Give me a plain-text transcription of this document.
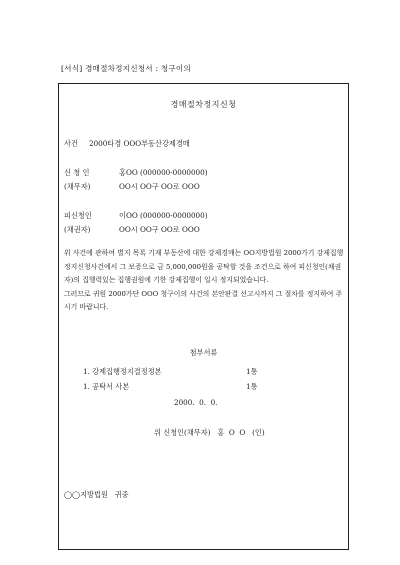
[서식] 경매절차정지신청서 : 청구이의
경매절차정지신청
사건 2000타경 OOO부동산강제경매
신 청 인
(채무자)
홍OO (000000-0000000)
OO시 OO구 OO로 OOO
피신청인
(채권자)
이OO (000000-0000000)
OO시 OO구 OO로 OOO

위 사건에 관하여 별지 목록 기재 부동산에 대한 강제경매는 OO지방법원 2000가기 강제집행정지신청사건에서 그 보증으로 금 5,000,000원을 공탁할 것을 조건으로 하여 피신청인(채권자)의 집행력있는 집행권원에 기한 강제집행이 일시 정지되었습니다.

그러므로 귀원 2000가단 OOO 청구이의 사건의 본안판결 선고시까지 그 절차를 정지하여 주시기 바랍니다.

첨부서류
1. 강제집행정지결정정본	1통
1. 공탁서 사본	1통
2000.  0.  0.
위 신청인(채무자)   홍  O  O   (인)
◯◯지방법원   귀중
